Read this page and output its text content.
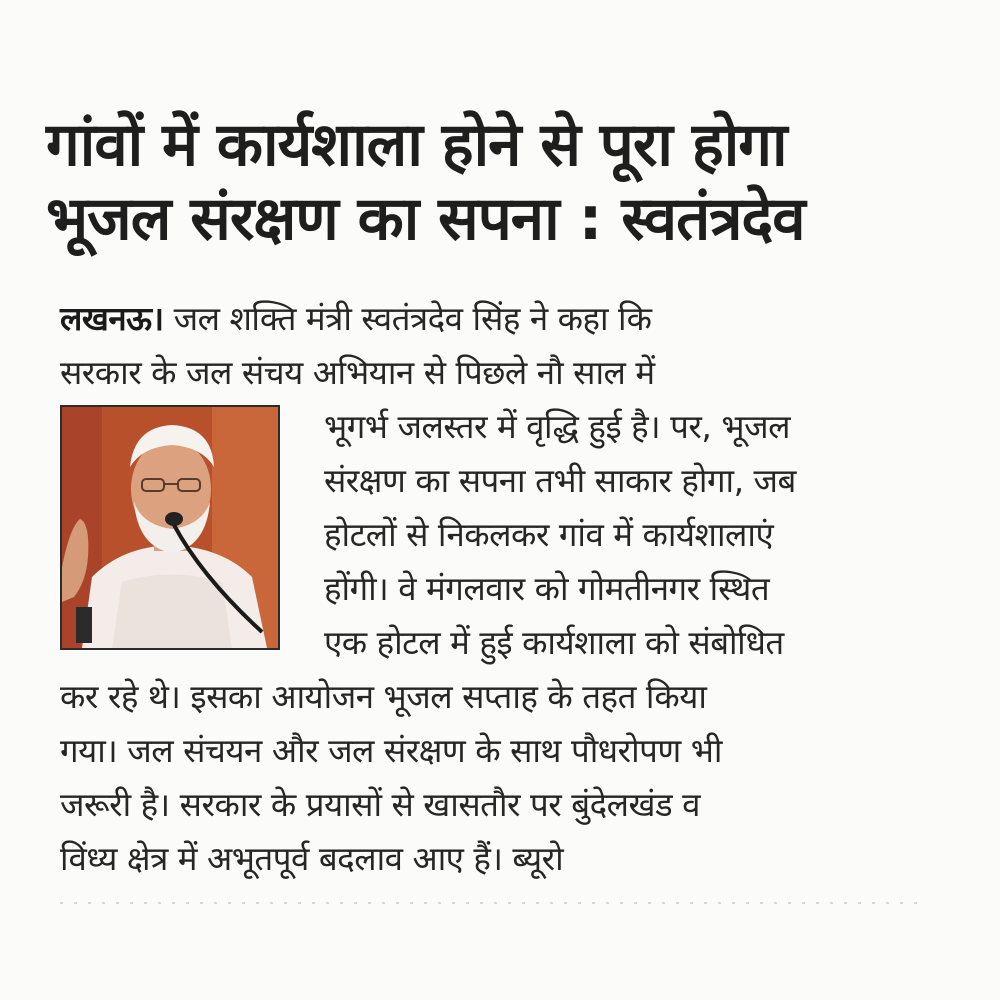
गांवों में कार्यशाला होने से पूरा होगा
भूजल संरक्षण का सपना : स्वतंत्रदेव
लखनऊ। जल शक्ति मंत्री स्वतंत्रदेव सिंह ने कहा कि
सरकार के जल संचय अभियान से पिछले नौ साल में
भूगर्भ जलस्तर में वृद्धि हुई है। पर, भूजल
संरक्षण का सपना तभी साकार होगा, जब
होटलों से निकलकर गांव में कार्यशालाएं
होंगी। वे मंगलवार को गोमतीनगर स्थित
एक होटल में हुई कार्यशाला को संबोधित
कर रहे थे। इसका आयोजन भूजल सप्ताह के तहत किया
गया। जल संचयन और जल संरक्षण के साथ पौधरोपण भी
जरूरी है। सरकार के प्रयासों से खासतौर पर बुंदेलखंड व
विंध्य क्षेत्र में अभूतपूर्व बदलाव आए हैं। ब्यूरो
